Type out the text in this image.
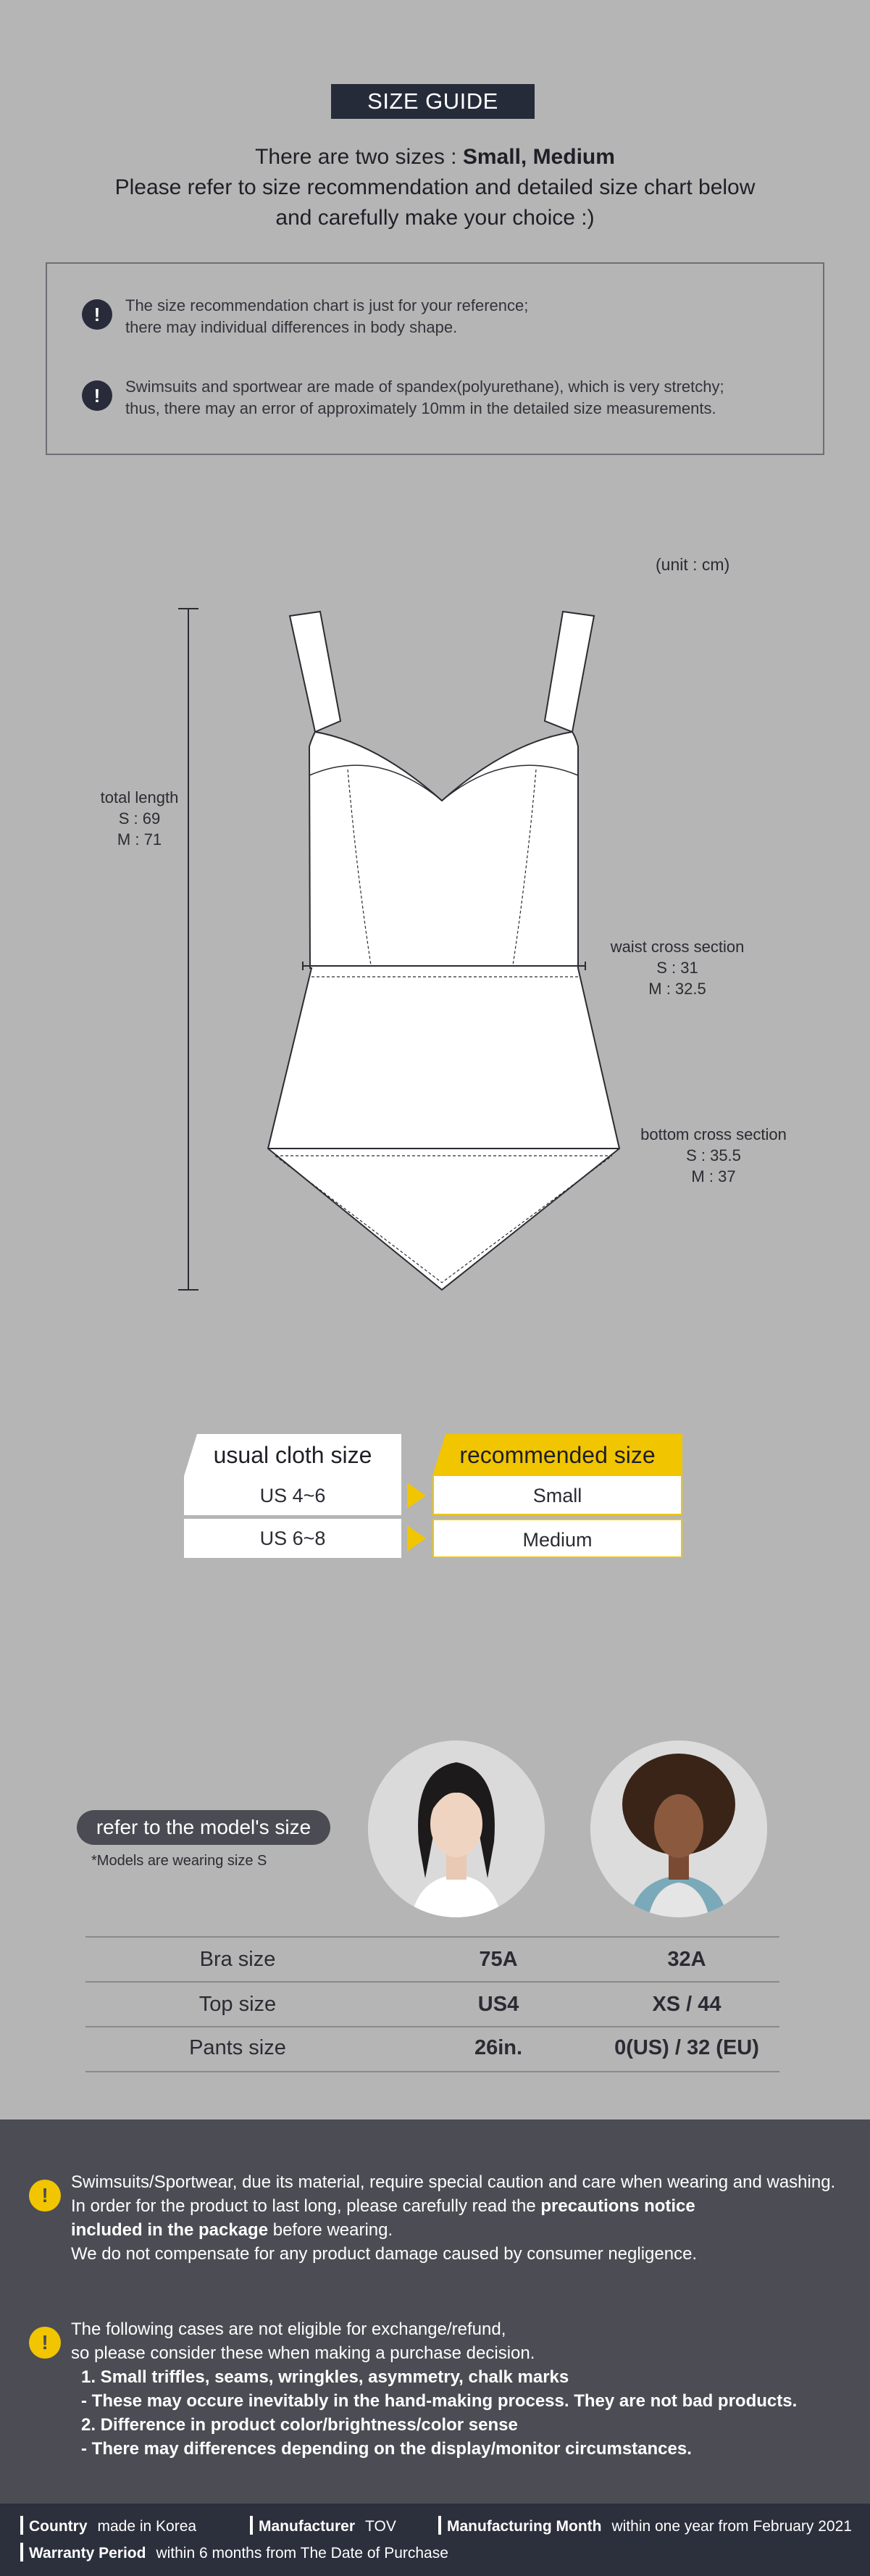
SIZE GUIDE
There are two sizes : Small, Medium
Please refer to size recommendation and detailed size chart below
and carefully make your choice :)
!	The size recommendation chart is just for your reference;
there may individual differences in body shape.
!	Swimsuits and sportwear are made of spandex(polyurethane), which is very stretchy;
thus, there may an error of approximately 10mm in the detailed size measurements.
(unit : cm)
total length
S : 69
M : 71
waist cross section
S : 31
M : 32.5
bottom cross section
S : 35.5
M : 37
usual cloth size	recommended size
US 4~6	Small
US 6~8	Medium
refer to the model's size
*Models are wearing size S
Bra size	75A	32A
Top size	US4	XS / 44
Pants size	26in.	0(US) / 32 (EU)
!
Swimsuits/Sportwear, due its material, require special caution and care when wearing and washing.
In order for the product to last long, please carefully read the precautions notice
included in the package before wearing.
We do not compensate for any product damage caused by consumer negligence.
!
The following cases are not eligible for exchange/refund,
so please consider these when making a purchase decision.
1. Small triffles, seams, wringkles, asymmetry, chalk marks
- These may occure inevitably in the hand-making process. They are not bad products.
2. Difference in product color/brightness/color sense
- There may differences depending on the display/monitor circumstances.
Country made in Korea	Manufacturer TOV	Manufacturing Month within one year from February 2021
Warranty Period within 6 months from The Date of Purchase
